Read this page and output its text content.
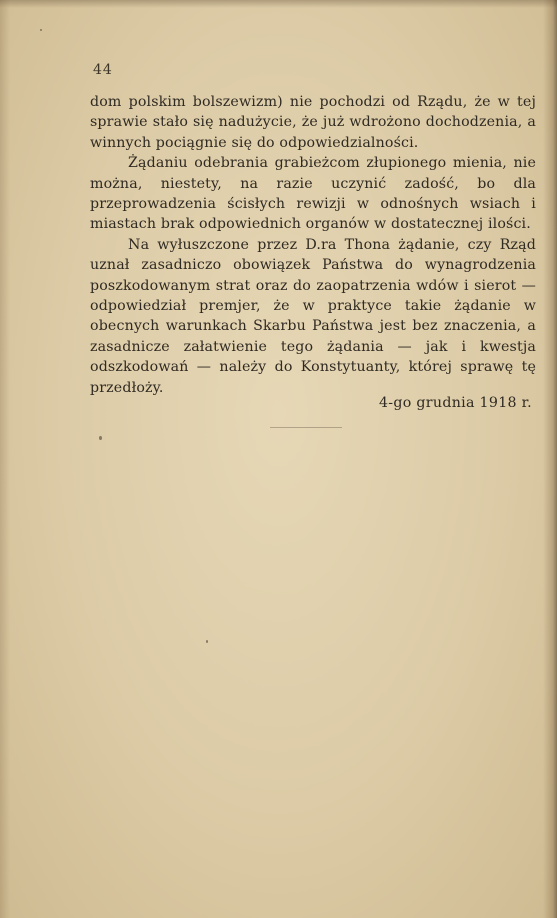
44

dom polskim bolszewizm) nie pochodzi od Rządu, że w tej sprawie stało się nadużycie, że już wdrożono dochodzenia, a winnych pociągnie się do odpowiedzialności.

Żądaniu odebrania grabieżcom złupionego mienia, nie można, niestety, na razie uczynić zadość, bo dla przeprowadzenia ścisłych rewizji w odnośnych wsiach i miastach brak odpowiednich organów w dostatecznej ilości.

Na wyłuszczone przez D.ra Thona żądanie, czy Rząd uznał zasadniczo obowiązek Państwa do wynagrodzenia poszkodowanym strat oraz do zaopatrzenia wdów i sierot — odpowiedział premjer, że w praktyce takie żądanie w obecnych warunkach Skarbu Państwa jest bez znaczenia, a zasadnicze załatwienie tego żądania — jak i kwestja odszkodowań — należy do Konstytuanty, której sprawę tę przedłoży.

4-go grudnia 1918 r.
